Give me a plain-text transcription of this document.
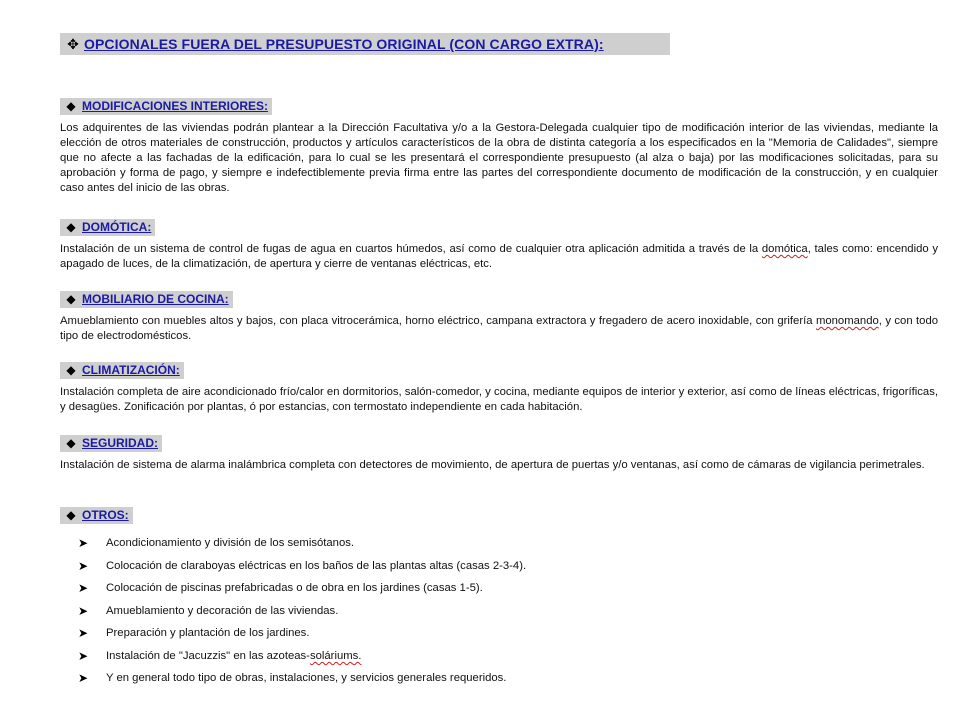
✥ OPCIONALES FUERA DEL PRESUPUESTO ORIGINAL (CON CARGO EXTRA):
◆ MODIFICACIONES INTERIORES:
Los adquirentes de las viviendas podrán plantear a la Dirección Facultativa y/o a la Gestora-Delegada cualquier tipo de modificación interior de las viviendas, mediante la elección de otros materiales de construcción, productos y artículos característicos de la obra de distinta categoría a los especificados en la "Memoria de Calidades", siempre que no afecte a las fachadas de la edificación, para lo cual se les presentará el correspondiente presupuesto (al alza o baja) por las modificaciones solicitadas, para su aprobación y forma de pago, y siempre e indefectiblemente previa firma entre las partes del correspondiente documento de modificación de la construcción, y en cualquier caso antes del inicio de las obras.
◆ DOMÓTICA:
Instalación de un sistema de control de fugas de agua en cuartos húmedos, así como de cualquier otra aplicación admitida a través de la domótica, tales como: encendido y apagado de luces, de la climatización, de apertura y cierre de ventanas eléctricas, etc.
◆ MOBILIARIO DE COCINA:
Amueblamiento con muebles altos y bajos, con placa vitrocerámica, horno eléctrico, campana extractora y fregadero de acero inoxidable, con grifería monomando, y con todo tipo de electrodomésticos.
◆ CLIMATIZACIÓN:
Instalación completa de aire acondicionado frío/calor en dormitorios, salón-comedor, y cocina, mediante equipos de interior y exterior, así como de líneas eléctricas, frigoríficas, y desagües. Zonificación por plantas, ó por estancias, con termostato independiente en cada habitación.
◆ SEGURIDAD:
Instalación de sistema de alarma inalámbrica completa con detectores de movimiento, de apertura de puertas y/o ventanas, así como de cámaras de vigilancia perimetrales.
◆ OTROS:
➤	Acondicionamiento y división de los semisótanos.
➤	Colocación de claraboyas eléctricas en los baños de las plantas altas (casas 2-3-4).
➤	Colocación de piscinas prefabricadas o de obra en los jardines (casas 1-5).
➤	Amueblamiento y decoración de las viviendas.
➤	Preparación y plantación de los jardines.
➤	Instalación de "Jacuzzis" en las azoteas-soláriums.
➤	Y en general todo tipo de obras, instalaciones, y servicios generales requeridos.
